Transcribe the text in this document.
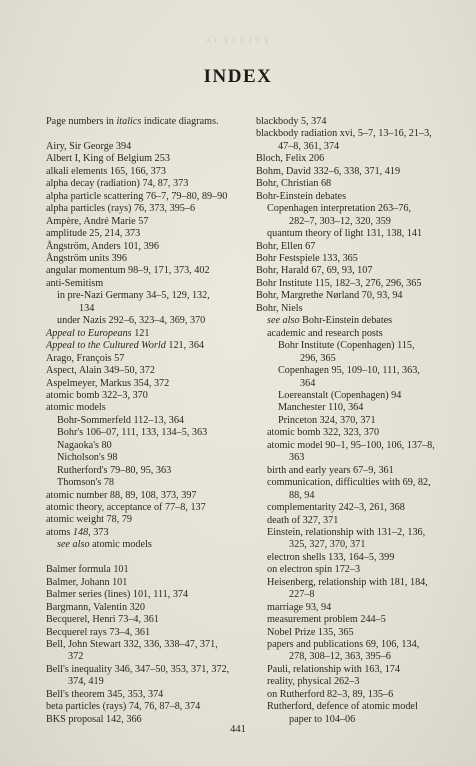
A C T I V I T Y
INDEX
Page numbers in italics indicate diagrams.
Airy, Sir George 394
Albert I, King of Belgium 253
alkali elements 165, 166, 373
alpha decay (radiation) 74, 87, 373
alpha particle scattering 76–7, 79–80, 89–90
alpha particles (rays) 76, 373, 395–6
Ampère, André Marie 57
amplitude 25, 214, 373
Ångström, Anders 101, 396
Ångström units 396
angular momentum 98–9, 171, 373, 402
anti-Semitism
in pre-Nazi Germany 34–5, 129, 132,
134
under Nazis 292–6, 323–4, 369, 370
Appeal to Europeans 121
Appeal to the Cultured World 121, 364
Arago, François 57
Aspect, Alain 349–50, 372
Aspelmeyer, Markus 354, 372
atomic bomb 322–3, 370
atomic models
Bohr-Sommerfeld 112–13, 364
Bohr's 106–07, 111, 133, 134–5, 363
Nagaoka's 80
Nicholson's 98
Rutherford's 79–80, 95, 363
Thomson's 78
atomic number 88, 89, 108, 373, 397
atomic theory, acceptance of 77–8, 137
atomic weight 78, 79
atoms 148, 373
see also atomic models
Balmer formula 101
Balmer, Johann 101
Balmer series (lines) 101, 111, 374
Bargmann, Valentin 320
Becquerel, Henri 73–4, 361
Becquerel rays 73–4, 361
Bell, John Stewart 332, 336, 338–47, 371,
372
Bell's inequality 346, 347–50, 353, 371, 372,
374, 419
Bell's theorem 345, 353, 374
beta particles (rays) 74, 76, 87–8, 374
BKS proposal 142, 366
blackbody 5, 374
blackbody radiation xvi, 5–7, 13–16, 21–3,
47–8, 361, 374
Bloch, Felix 206
Bohm, David 332–6, 338, 371, 419
Bohr, Christian 68
Bohr-Einstein debates
Copenhagen interpretation 263–76,
282–7, 303–12, 320, 359
quantum theory of light 131, 138, 141
Bohr, Ellen 67
Bohr Festspiele 133, 365
Bohr, Harald 67, 69, 93, 107
Bohr Institute 115, 182–3, 276, 296, 365
Bohr, Margrethe Nørland 70, 93, 94
Bohr, Niels
see also Bohr-Einstein debates
academic and research posts
Bohr Institute (Copenhagen) 115,
296, 365
Copenhagen 95, 109–10, 111, 363,
364
Loereanstalt (Copenhagen) 94
Manchester 110, 364
Princeton 324, 370, 371
atomic bomb 322, 323, 370
atomic model 90–1, 95–100, 106, 137–8,
363
birth and early years 67–9, 361
communication, difficulties with 69, 82,
88, 94
complementarity 242–3, 261, 368
death of 327, 371
Einstein, relationship with 131–2, 136,
325, 327, 370, 371
electron shells 133, 164–5, 399
on electron spin 172–3
Heisenberg, relationship with 181, 184,
227–8
marriage 93, 94
measurement problem 244–5
Nobel Prize 135, 365
papers and publications 69, 106, 134,
278, 308–12, 363, 395–6
Pauli, relationship with 163, 174
reality, physical 262–3
on Rutherford 82–3, 89, 135–6
Rutherford, defence of atomic model
paper to 104–06
441
